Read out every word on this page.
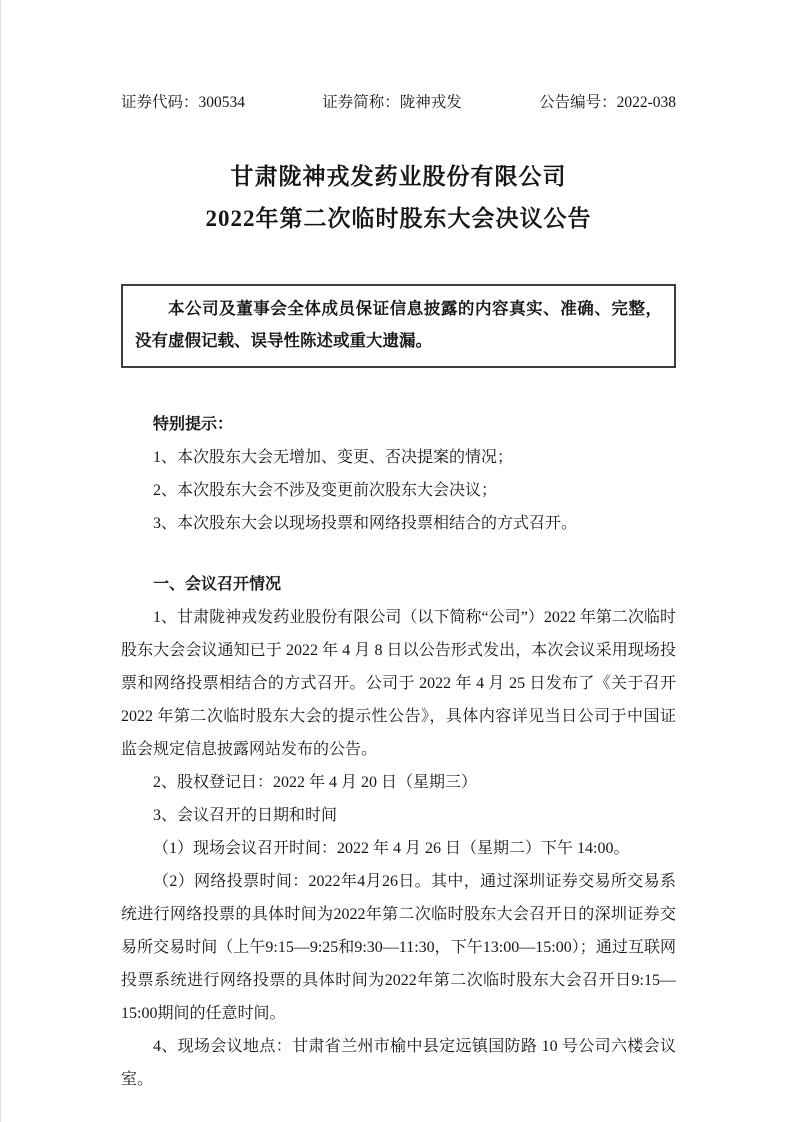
证券代码：300534	证券简称：陇神戎发	公告编号：2022-038
甘肃陇神戎发药业股份有限公司
2022年第二次临时股东大会决议公告
本公司及董事会全体成员保证信息披露的内容真实、准确、完整，没有虚假记载、误导性陈述或重大遗漏。

特别提示：

1、本次股东大会无增加、变更、否决提案的情况；

2、本次股东大会不涉及变更前次股东大会决议；

3、本次股东大会以现场投票和网络投票相结合的方式召开。

一、会议召开情况

1、甘肃陇神戎发药业股份有限公司（以下简称“公司”）2022 年第二次临时股东大会会议通知已于 2022 年 4 月 8 日以公告形式发出，本次会议采用现场投票和网络投票相结合的方式召开。公司于 2022 年 4 月 25 日发布了《关于召开 2022 年第二次临时股东大会的提示性公告》，具体内容详见当日公司于中国证监会规定信息披露网站发布的公告。

2、股权登记日：2022 年 4 月 20 日（星期三）

3、会议召开的日期和时间

（1）现场会议召开时间：2022 年 4 月 26 日（星期二）下午 14:00。

（2）网络投票时间：2022年4月26日。其中，通过深圳证券交易所交易系统进行网络投票的具体时间为2022年第二次临时股东大会召开日的深圳证券交易所交易时间（上午9:15—9:25和9:30—11:30，下午13:00—15:00）；通过互联网投票系统进行网络投票的具体时间为2022年第二次临时股东大会召开日9:15—15:00期间的任意时间。

4、现场会议地点：甘肃省兰州市榆中县定远镇国防路 10 号公司六楼会议室。
